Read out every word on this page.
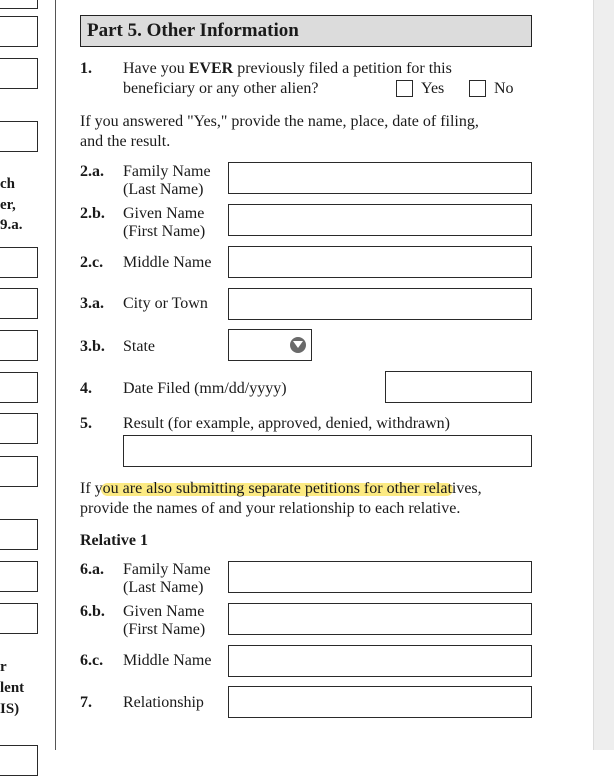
ch
er,
9.a.
r
lent
IS)
Part 5. Other Information
1. Have you EVER previously filed a petition for this
beneficiary or any other alien?	Yes	No
If you answered "Yes," provide the name, place, date of filing,
and the result.
2.a. Family Name
(Last Name)
2.b. Given Name
(First Name)
2.c. Middle Name
3.a. City or Town
3.b. State
4. Date Filed (mm/dd/yyyy)
5. Result (for example, approved, denied, withdrawn)
If you are also submitting separate petitions for other relatives,
provide the names of and your relationship to each relative.
Relative 1
6.a. Family Name
(Last Name)
6.b. Given Name
(First Name)
6.c. Middle Name
7. Relationship
